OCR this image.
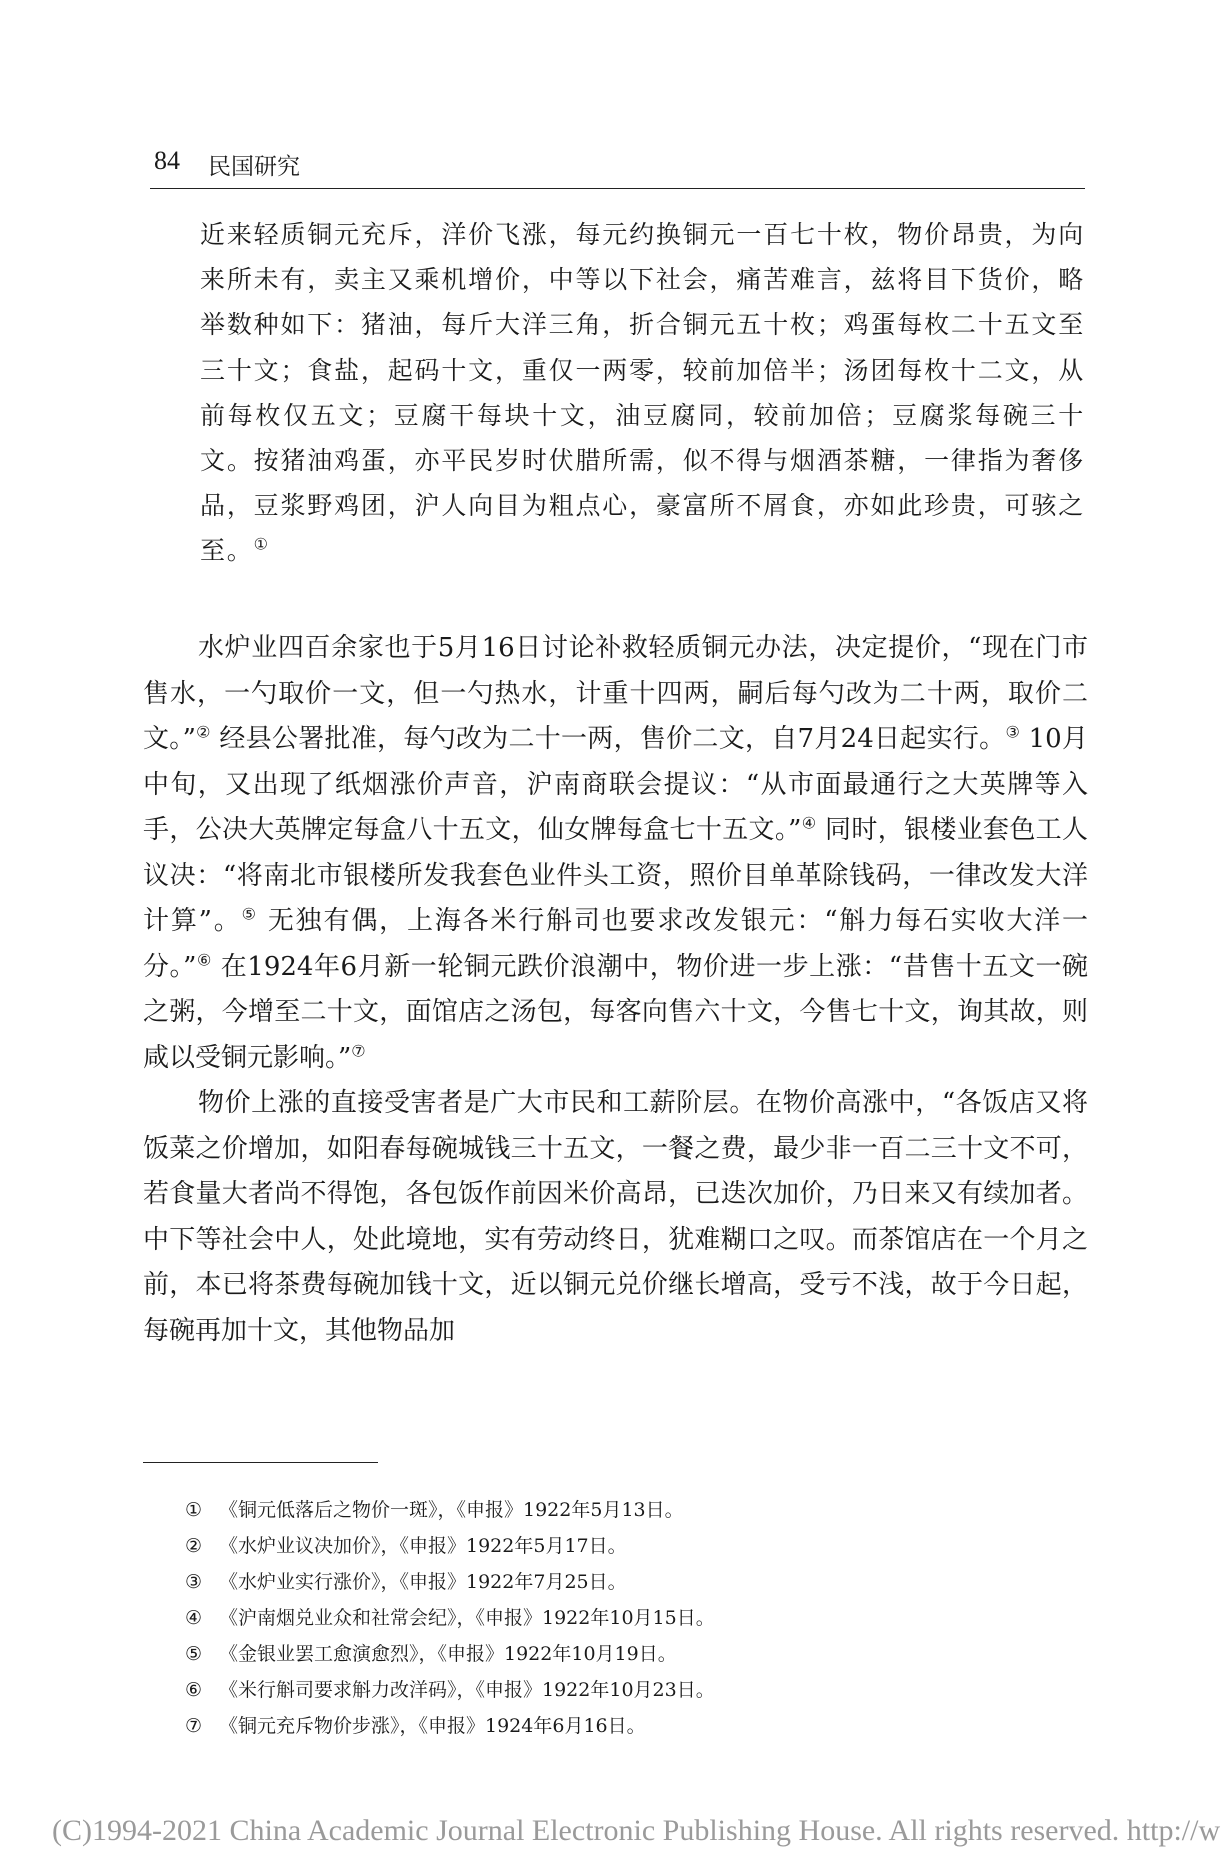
84 民国研究
近来轻质铜元充斥，洋价飞涨，每元约换铜元一百七十枚，物价昂贵，为向来所未有，卖主又乘机增价，中等以下社会，痛苦难言，兹将目下货价，略举数种如下：猪油，每斤大洋三角，折合铜元五十枚；鸡蛋每枚二十五文至三十文；食盐，起码十文，重仅一两零，较前加倍半；汤团每枚十二文，从前每枚仅五文；豆腐干每块十文，油豆腐同，较前加倍；豆腐浆每碗三十文。按猪油鸡蛋，亦平民岁时伏腊所需，似不得与烟酒茶糖，一律指为奢侈品，豆浆野鸡团，沪人向目为粗点心，豪富所不屑食，亦如此珍贵，可骇之至。①

水炉业四百余家也于5月16日讨论补救轻质铜元办法，决定提价，“现在门市售水，一勺取价一文，但一勺热水，计重十四两，嗣后每勺改为二十两，取价二文。”② 经县公署批准，每勺改为二十一两，售价二文，自7月24日起实行。③ 10月中旬，又出现了纸烟涨价声音，沪南商联会提议：“从市面最通行之大英牌等入手，公决大英牌定每盒八十五文，仙女牌每盒七十五文。”④ 同时，银楼业套色工人议决：“将南北市银楼所发我套色业件头工资，照价目单革除钱码，一律改发大洋计算”。⑤ 无独有偶，上海各米行斛司也要求改发银元：“斛力每石实收大洋一分。”⑥ 在1924年6月新一轮铜元跌价浪潮中，物价进一步上涨：“昔售十五文一碗之粥，今增至二十文，面馆店之汤包，每客向售六十文，今售七十文，询其故，则咸以受铜元影响。”⑦

物价上涨的直接受害者是广大市民和工薪阶层。在物价高涨中，“各饭店又将饭菜之价增加，如阳春每碗城钱三十五文，一餐之费，最少非一百二三十文不可，若食量大者尚不得饱，各包饭作前因米价高昂，已迭次加价，乃日来又有续加者。中下等社会中人，处此境地，实有劳动终日，犹难糊口之叹。而茶馆店在一个月之前，本已将茶费每碗加钱十文，近以铜元兑价继长增高，受亏不浅，故于今日起，每碗再加十文，其他物品加

① 《铜元低落后之物价一斑》，《申报》1922年5月13日。
② 《水炉业议决加价》，《申报》1922年5月17日。
③ 《水炉业实行涨价》，《申报》1922年7月25日。
④ 《沪南烟兑业众和社常会纪》，《申报》1922年10月15日。
⑤ 《金银业罢工愈演愈烈》，《申报》1922年10月19日。
⑥ 《米行斛司要求斛力改洋码》，《申报》1922年10月23日。
⑦ 《铜元充斥物价步涨》，《申报》1924年6月16日。
(C)1994-2021 China Academic Journal Electronic Publishing House. All rights reserved. http://w
